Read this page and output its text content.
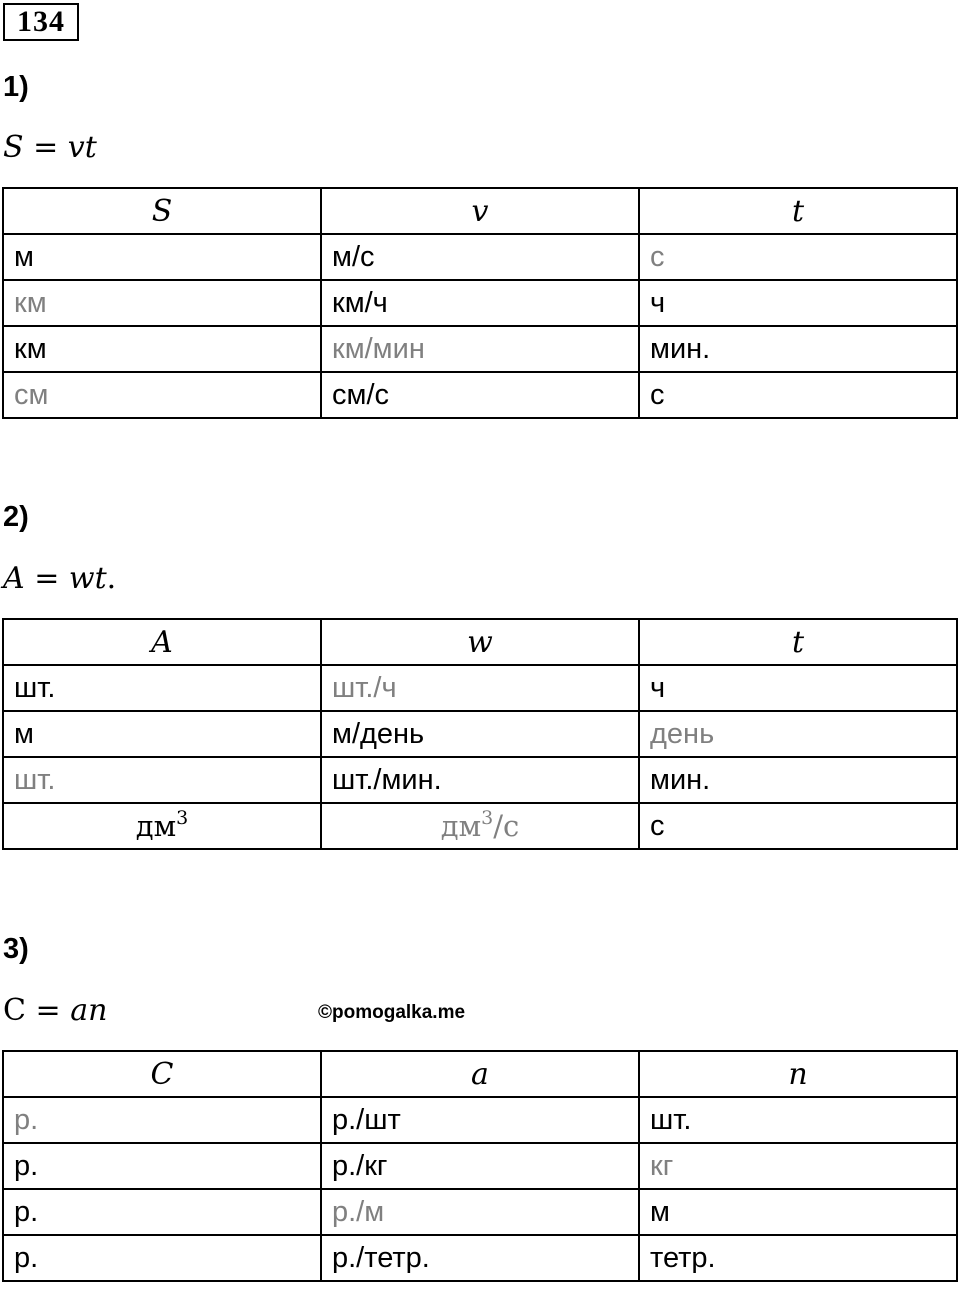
134
1)
S = vt
S	v	t
м	м/с	с
км	км/ч	ч
км	км/мин	мин.
см	см/с	с
2)
A = wt.
A	w	t
шт.	шт./ч	ч
м	м/день	день
шт.	шт./мин.	мин.
$дм^3$	$дм^3/с$	с
3)
C = an	©pomogalka.me
C	a	n
р.	р./шт	шт.
р.	р./кг	кг
р.	р./м	м
р.	р./тетр.	тетр.
